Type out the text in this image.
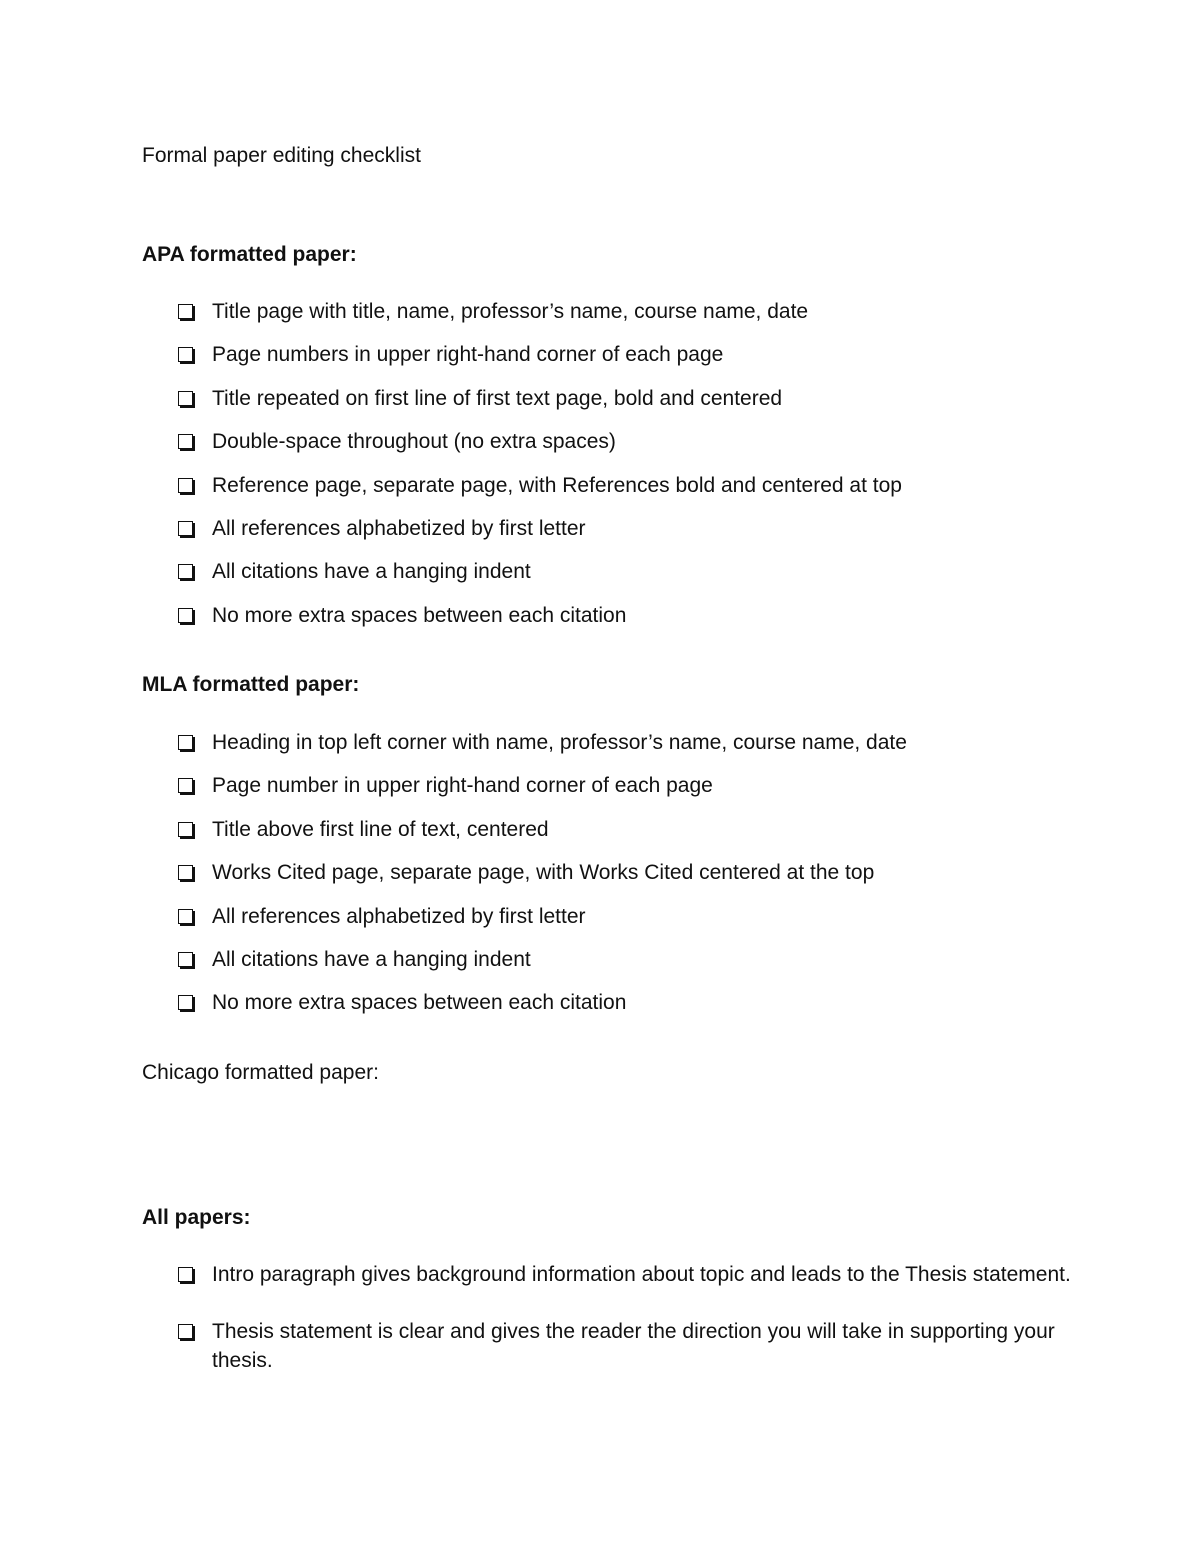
Formal paper editing checklist

APA formatted paper:

Title page with title, name, professor’s name, course name, date
Page numbers in upper right-hand corner of each page
Title repeated on first line of first text page, bold and centered
Double-space throughout (no extra spaces)
Reference page, separate page, with References bold and centered at top
All references alphabetized by first letter
All citations have a hanging indent
No more extra spaces between each citation

MLA formatted paper:

Heading in top left corner with name, professor’s name, course name, date
Page number in upper right-hand corner of each page
Title above first line of text, centered
Works Cited page, separate page, with Works Cited centered at the top
All references alphabetized by first letter
All citations have a hanging indent
No more extra spaces between each citation

Chicago formatted paper:

All papers:

Intro paragraph gives background information about topic and leads to the Thesis statement.
Thesis statement is clear and gives the reader the direction you will take in supporting your thesis.
